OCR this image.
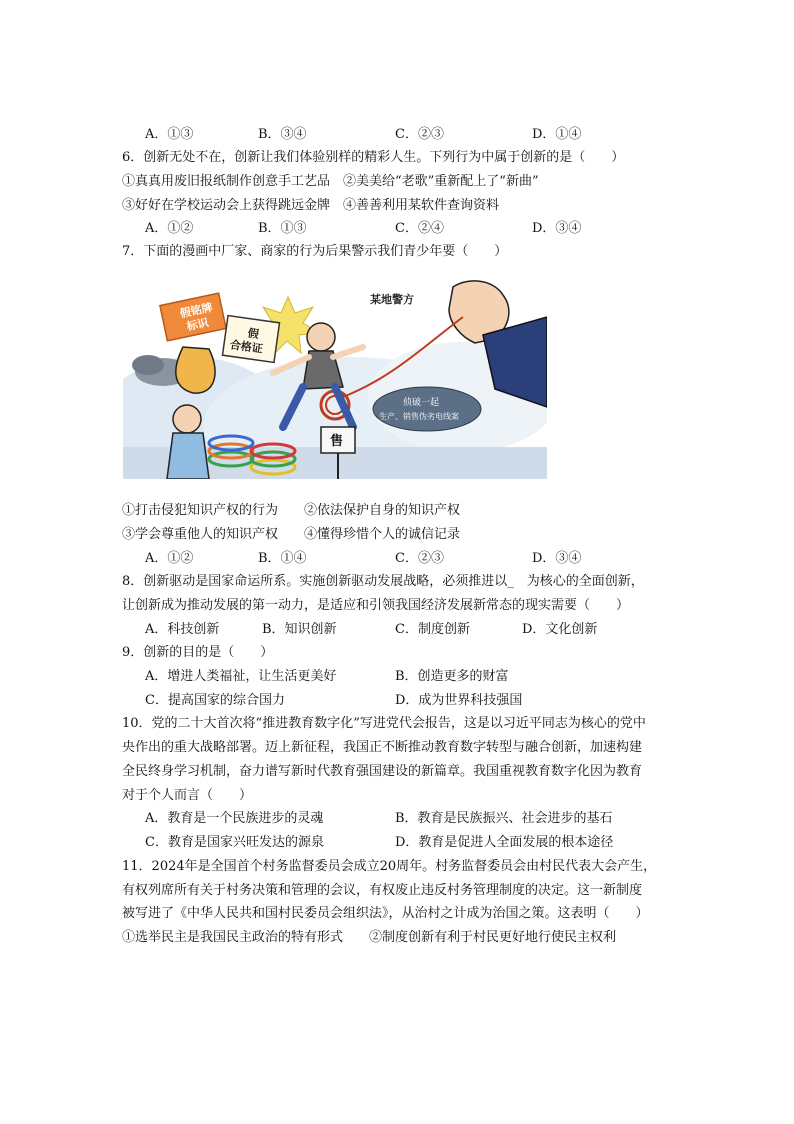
A．①③	B．③④	C．②③	D．①④
6．创新无处不在，创新让我们体验别样的精彩人生。下列行为中属于创新的是（　　）
①真真用废旧报纸制作创意手工艺品　②美美给“老歌”重新配上了“新曲”
③好好在学校运动会上获得跳远金牌　④善善利用某软件查询资料
A．①②	B．①③	C．②④	D．③④
7．下面的漫画中厂家、商家的行为后果警示我们青少年要（　　）
假铭牌
标识
假
合格证
某地警方
售
侦破一起
生产、销售伪劣电线案
①打击侵犯知识产权的行为　　②依法保护自身的知识产权
③学会尊重他人的知识产权　　④懂得珍惜个人的诚信记录
A．①②	B．①④	C．②③	D．③④
8．创新驱动是国家命运所系。实施创新驱动发展战略，必须推进以_　为核心的全面创新，
让创新成为推动发展的第一动力，是适应和引领我国经济发展新常态的现实需要（　　）
A．科技创新	B．知识创新	C．制度创新	D．文化创新
9．创新的目的是（　　）
A．增进人类福祉，让生活更美好	B．创造更多的财富
C．提高国家的综合国力	D．成为世界科技强国
10．党的二十大首次将“推进教育数字化”写进党代会报告，这是以习近平同志为核心的党中
央作出的重大战略部署。迈上新征程，我国正不断推动教育数字转型与融合创新，加速构建
全民终身学习机制，奋力谱写新时代教育强国建设的新篇章。我国重视教育数字化因为教育
对于个人而言（　　）
A．教育是一个民族进步的灵魂	B．教育是民族振兴、社会进步的基石
C．教育是国家兴旺发达的源泉	D．教育是促进人全面发展的根本途径
11．2024年是全国首个村务监督委员会成立20周年。村务监督委员会由村民代表大会产生，
有权列席所有关于村务决策和管理的会议，有权废止违反村务管理制度的决定。这一新制度
被写进了《中华人民共和国村民委员会组织法》，从治村之计成为治国之策。这表明（　　）
①选举民主是我国民主政治的特有形式　　②制度创新有利于村民更好地行使民主权利
